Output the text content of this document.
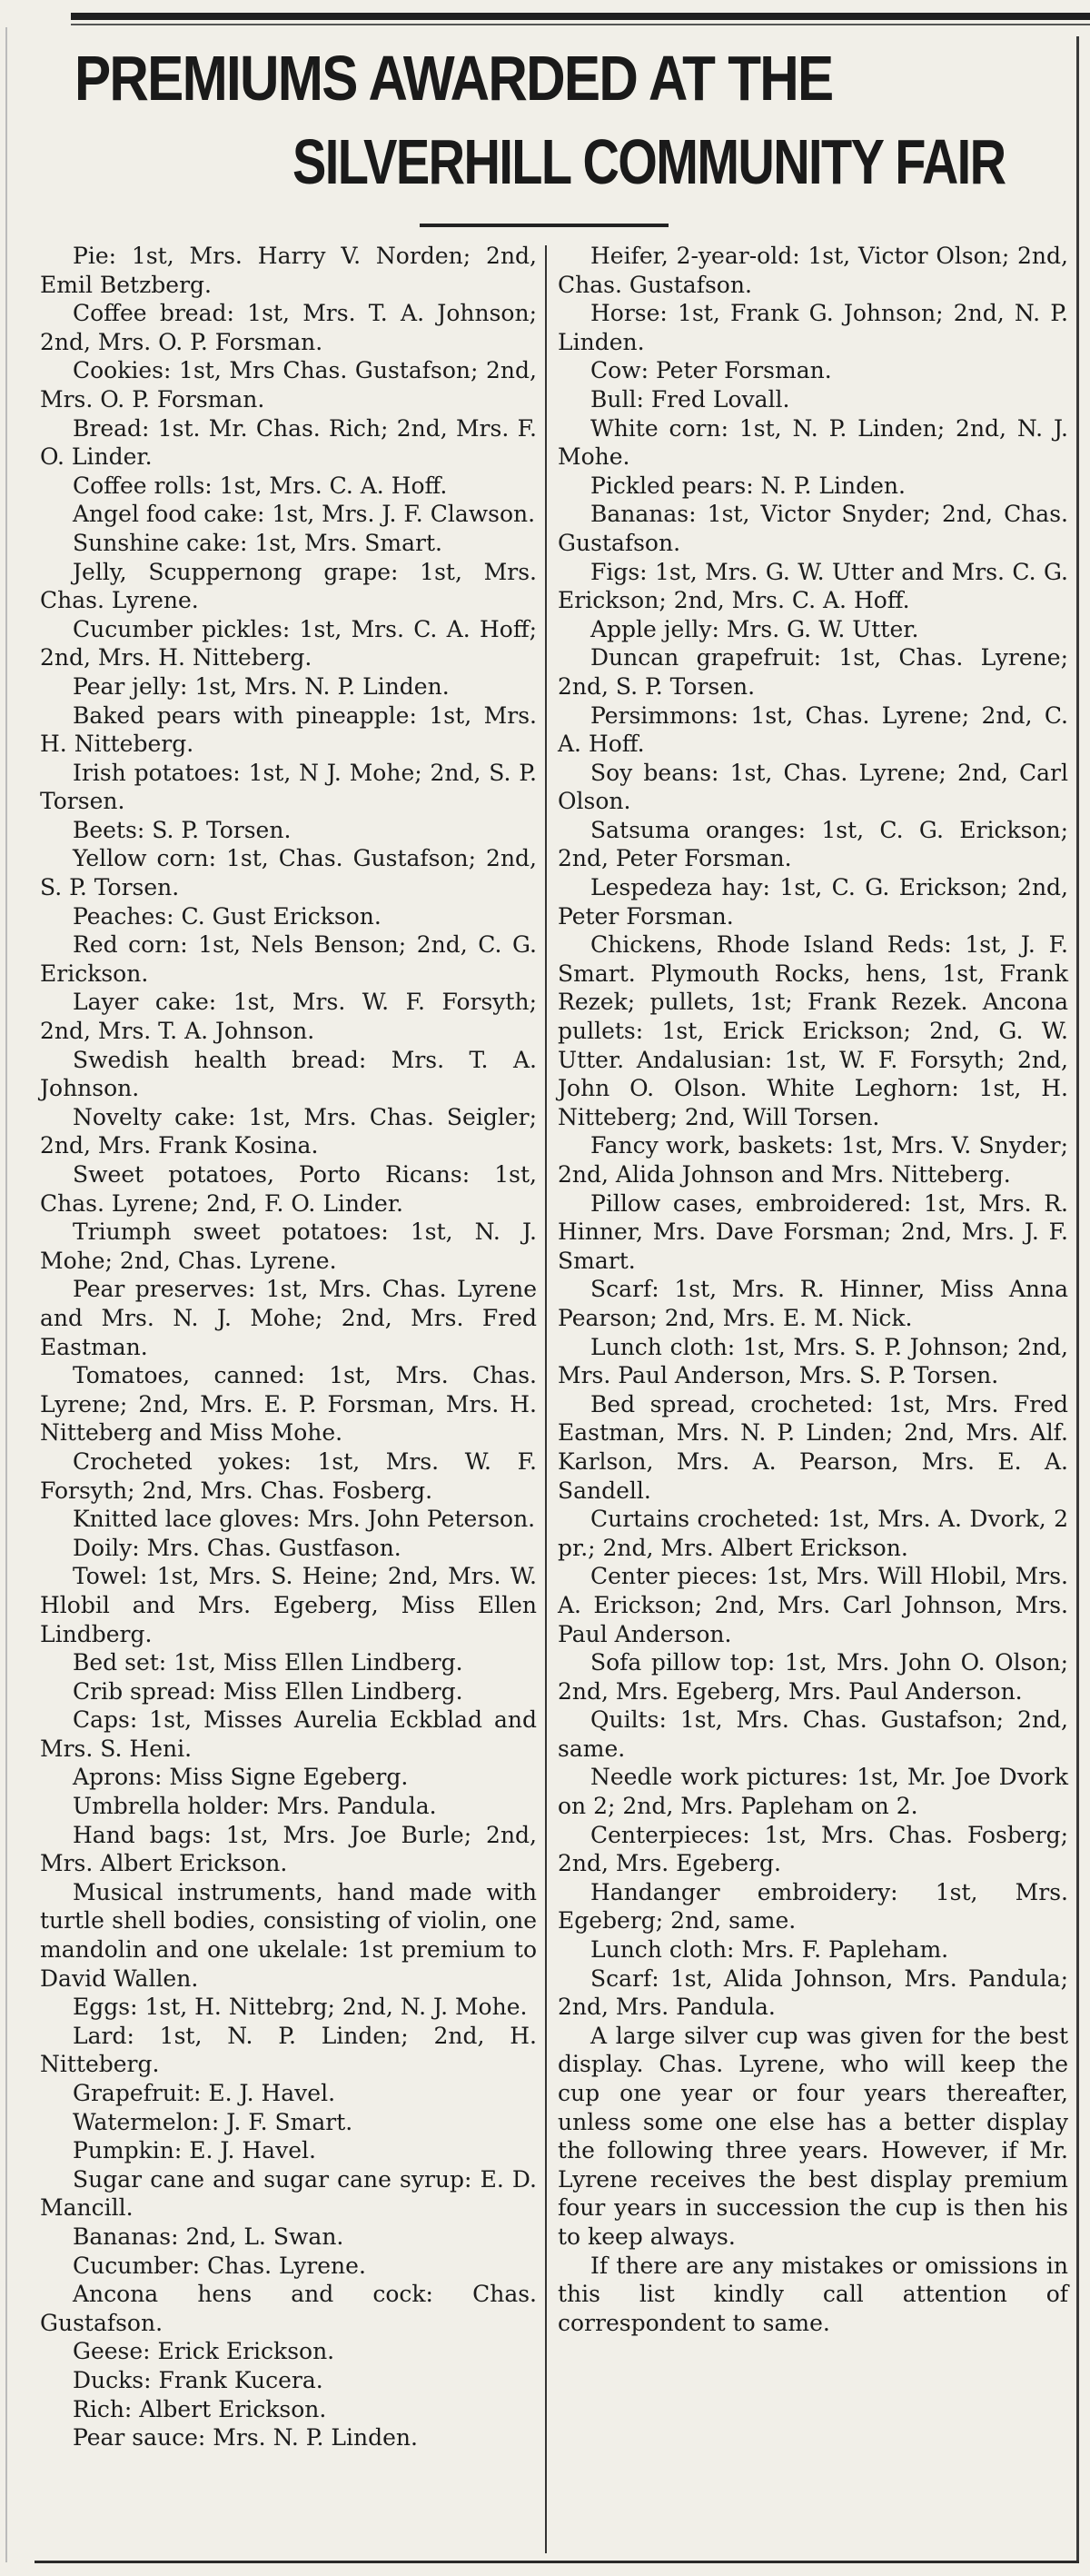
PREMIUMS AWARDED AT THE
SILVERHILL COMMUNITY FAIR

Pie: 1st, Mrs. Harry V. Norden; 2nd, Emil Betzberg.

Coffee bread: 1st, Mrs. T. A. Johnson; 2nd, Mrs. O. P. Forsman.

Cookies: 1st, Mrs Chas. Gustafson; 2nd, Mrs. O. P. Forsman.

Bread: 1st. Mr. Chas. Rich; 2nd, Mrs. F. O. Linder.

Coffee rolls: 1st, Mrs. C. A. Hoff.

Angel food cake: 1st, Mrs. J. F. Clawson.

Sunshine cake: 1st, Mrs. Smart.

Jelly, Scuppernong grape: 1st, Mrs. Chas. Lyrene.

Cucumber pickles: 1st, Mrs. C. A. Hoff; 2nd, Mrs. H. Nitteberg.

Pear jelly: 1st, Mrs. N. P. Linden.

Baked pears with pineapple: 1st, Mrs. H. Nitteberg.

Irish potatoes: 1st, N J. Mohe; 2nd, S. P. Torsen.

Beets: S. P. Torsen.

Yellow corn: 1st, Chas. Gustafson; 2nd, S. P. Torsen.

Peaches: C. Gust Erickson.

Red corn: 1st, Nels Benson; 2nd, C. G. Erickson.

Layer cake: 1st, Mrs. W. F. Forsyth; 2nd, Mrs. T. A. Johnson.

Swedish health bread: Mrs. T. A. Johnson.

Novelty cake: 1st, Mrs. Chas. Seigler; 2nd, Mrs. Frank Kosina.

Sweet potatoes, Porto Ricans: 1st, Chas. Lyrene; 2nd, F. O. Linder.

Triumph sweet potatoes: 1st, N. J. Mohe; 2nd, Chas. Lyrene.

Pear preserves: 1st, Mrs. Chas. Lyrene and Mrs. N. J. Mohe; 2nd, Mrs. Fred Eastman.

Tomatoes, canned: 1st, Mrs. Chas. Lyrene; 2nd, Mrs. E. P. Forsman, Mrs. H. Nitteberg and Miss Mohe.

Crocheted yokes: 1st, Mrs. W. F. Forsyth; 2nd, Mrs. Chas. Fosberg.

Knitted lace gloves: Mrs. John Peterson.

Doily: Mrs. Chas. Gustfason.

Towel: 1st, Mrs. S. Heine; 2nd, Mrs. W. Hlobil and Mrs. Egeberg, Miss Ellen Lindberg.

Bed set: 1st, Miss Ellen Lindberg.

Crib spread: Miss Ellen Lindberg.

Caps: 1st, Misses Aurelia Eckblad and Mrs. S. Heni.

Aprons: Miss Signe Egeberg.

Umbrella holder: Mrs. Pandula.

Hand bags: 1st, Mrs. Joe Burle; 2nd, Mrs. Albert Erickson.

Musical instruments, hand made with turtle shell bodies, consisting of violin, one mandolin and one ukelale: 1st premium to David Wallen.

Eggs: 1st, H. Nittebrg; 2nd, N. J. Mohe.

Lard: 1st, N. P. Linden; 2nd, H. Nitteberg.

Grapefruit: E. J. Havel.

Watermelon: J. F. Smart.

Pumpkin: E. J. Havel.

Sugar cane and sugar cane syrup: E. D. Mancill.

Bananas: 2nd, L. Swan.

Cucumber: Chas. Lyrene.

Ancona hens and cock: Chas. Gustafson.

Geese: Erick Erickson.

Ducks: Frank Kucera.

Rich: Albert Erickson.

Pear sauce: Mrs. N. P. Linden.

Heifer, 2-year-old: 1st, Victor Olson; 2nd, Chas. Gustafson.

Horse: 1st, Frank G. Johnson; 2nd, N. P. Linden.

Cow: Peter Forsman.

Bull: Fred Lovall.

White corn: 1st, N. P. Linden; 2nd, N. J. Mohe.

Pickled pears: N. P. Linden.

Bananas: 1st, Victor Snyder; 2nd, Chas. Gustafson.

Figs: 1st, Mrs. G. W. Utter and Mrs. C. G. Erickson; 2nd, Mrs. C. A. Hoff.

Apple jelly: Mrs. G. W. Utter.

Duncan grapefruit: 1st, Chas. Lyrene; 2nd, S. P. Torsen.

Persimmons: 1st, Chas. Lyrene; 2nd, C. A. Hoff.

Soy beans: 1st, Chas. Lyrene; 2nd, Carl Olson.

Satsuma oranges: 1st, C. G. Erickson; 2nd, Peter Forsman.

Lespedeza hay: 1st, C. G. Erickson; 2nd, Peter Forsman.

Chickens, Rhode Island Reds: 1st, J. F. Smart. Plymouth Rocks, hens, 1st, Frank Rezek; pullets, 1st; Frank Rezek. Ancona pullets: 1st, Erick Erickson; 2nd, G. W. Utter. Andalusian: 1st, W. F. Forsyth; 2nd, John O. Olson. White Leghorn: 1st, H. Nitteberg; 2nd, Will Torsen.

Fancy work, baskets: 1st, Mrs. V. Snyder; 2nd, Alida Johnson and Mrs. Nitteberg.

Pillow cases, embroidered: 1st, Mrs. R. Hinner, Mrs. Dave Forsman; 2nd, Mrs. J. F. Smart.

Scarf: 1st, Mrs. R. Hinner, Miss Anna Pearson; 2nd, Mrs. E. M. Nick.

Lunch cloth: 1st, Mrs. S. P. Johnson; 2nd, Mrs. Paul Anderson, Mrs. S. P. Torsen.

Bed spread, crocheted: 1st, Mrs. Fred Eastman, Mrs. N. P. Linden; 2nd, Mrs. Alf. Karlson, Mrs. A. Pearson, Mrs. E. A. Sandell.

Curtains crocheted: 1st, Mrs. A. Dvork, 2 pr.; 2nd, Mrs. Albert Erickson.

Center pieces: 1st, Mrs. Will Hlobil, Mrs. A. Erickson; 2nd, Mrs. Carl Johnson, Mrs. Paul Anderson.

Sofa pillow top: 1st, Mrs. John O. Olson; 2nd, Mrs. Egeberg, Mrs. Paul Anderson.

Quilts: 1st, Mrs. Chas. Gustafson; 2nd, same.

Needle work pictures: 1st, Mr. Joe Dvork on 2; 2nd, Mrs. Papleham on 2.

Centerpieces: 1st, Mrs. Chas. Fosberg; 2nd, Mrs. Egeberg.

Handanger embroidery: 1st, Mrs. Egeberg; 2nd, same.

Lunch cloth: Mrs. F. Papleham.

Scarf: 1st, Alida Johnson, Mrs. Pandula; 2nd, Mrs. Pandula.

A large silver cup was given for the best display. Chas. Lyrene, who will keep the cup one year or four years thereafter, unless some one else has a better display the following three years. However, if Mr. Lyrene receives the best display premium four years in succession the cup is then his to keep always.

If there are any mistakes or omissions in this list kindly call attention of correspondent to same.
